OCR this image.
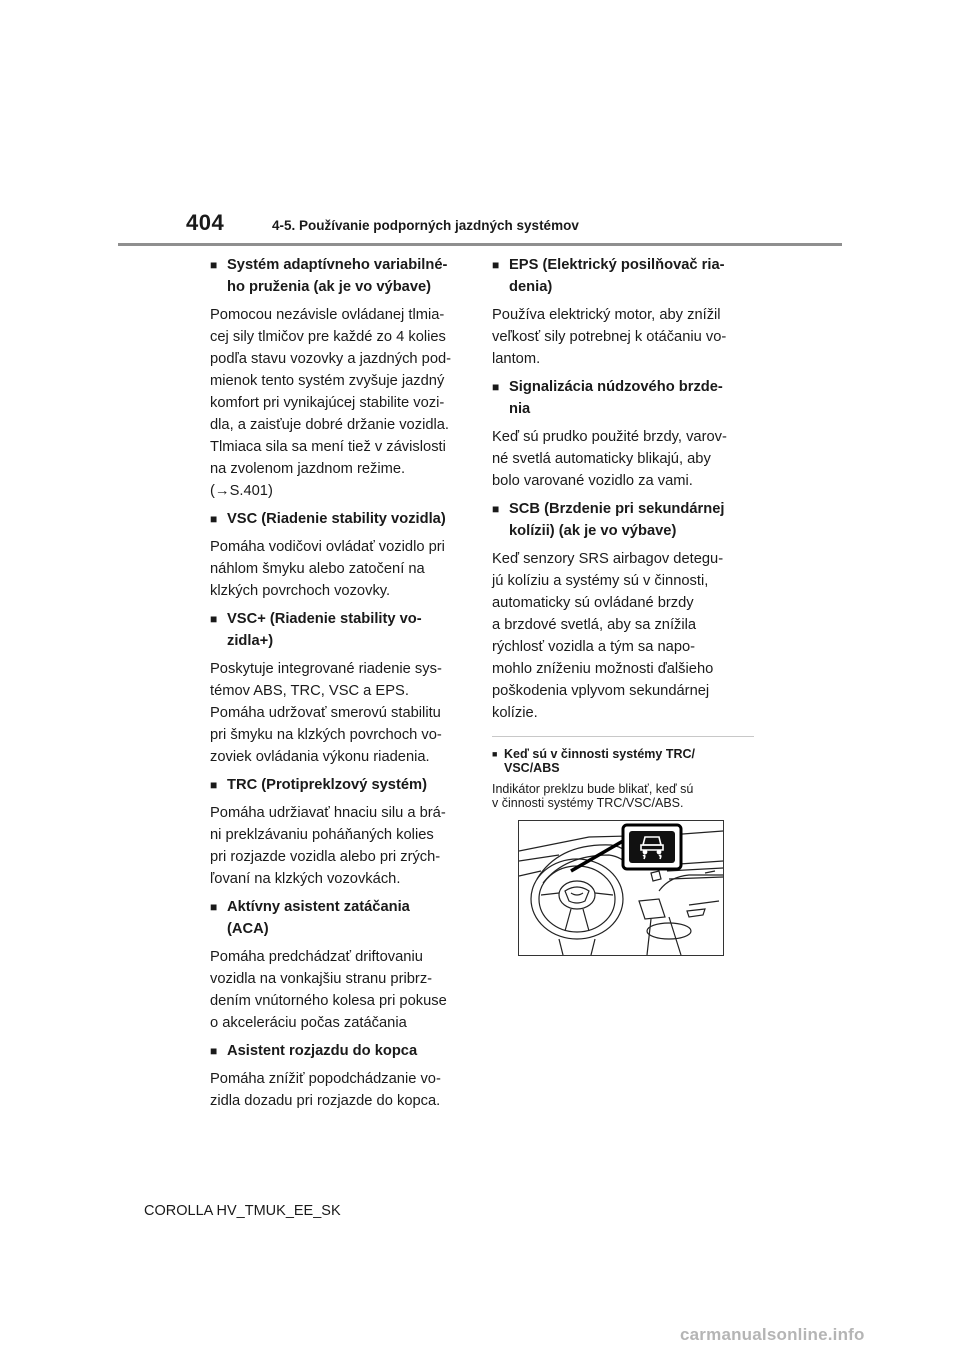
404	4-5. Používanie podporných jazdných systémov
■ Systém adaptívneho variabilné-
ho pruženia (ak je vo výbave)
Pomocou nezávisle ovládanej tlmia-
cej sily tlmičov pre každé zo 4 kolies
podľa stavu vozovky a jazdných pod-
mienok tento systém zvyšuje jazdný
komfort pri vynikajúcej stabilite vozi-
dla, a zaisťuje dobré držanie vozidla.
Tlmiaca sila sa mení tiež v závislosti
na zvolenom jazdnom režime.
(→S.401)
■ VSC (Riadenie stability vozidla)
Pomáha vodičovi ovládať vozidlo pri
náhlom šmyku alebo zatočení na
klzkých povrchoch vozovky.
■ VSC+ (Riadenie stability vo-
zidla+)
Poskytuje integrované riadenie sys-
témov ABS, TRC, VSC a EPS.
Pomáha udržovať smerovú stabilitu
pri šmyku na klzkých povrchoch vo-
zoviek ovládania výkonu riadenia.
■ TRC (Protipreklzový systém)
Pomáha udržiavať hnaciu silu a brá-
ni preklzávaniu poháňaných kolies
pri rozjazde vozidla alebo pri zrých-
ľovaní na klzkých vozovkách.
■ Aktívny asistent zatáčania
(ACA)
Pomáha predchádzať driftovaniu
vozidla na vonkajšiu stranu pribrz-
dením vnútorného kolesa pri pokuse
o akceleráciu počas zatáčania
■ Asistent rozjazdu do kopca
Pomáha znížiť popodchádzanie vo-
zidla dozadu pri rozjazde do kopca.
■ EPS (Elektrický posilňovač ria-
denia)
Používa elektrický motor, aby znížil
veľkosť sily potrebnej k otáčaniu vo-
lantom.
■ Signalizácia núdzového brzde-
nia
Keď sú prudko použité brzdy, varov-
né svetlá automaticky blikajú, aby
bolo varované vozidlo za vami.
■ SCB (Brzdenie pri sekundárnej
kolízii) (ak je vo výbave)
Keď senzory SRS airbagov detegu-
jú kolíziu a systémy sú v činnosti,
automaticky sú ovládané brzdy
a brzdové svetlá, aby sa znížila
rýchlosť vozidla a tým sa napo-
mohlo zníženiu možnosti ďalšieho
poškodenia vplyvom sekundárnej
kolízie.
■ Keď sú v činnosti systémy TRC/
VSC/ABS
Indikátor preklzu bude blikať, keď sú
v činnosti systémy TRC/VSC/ABS.
COROLLA HV_TMUK_EE_SK
carmanualsonline.info
